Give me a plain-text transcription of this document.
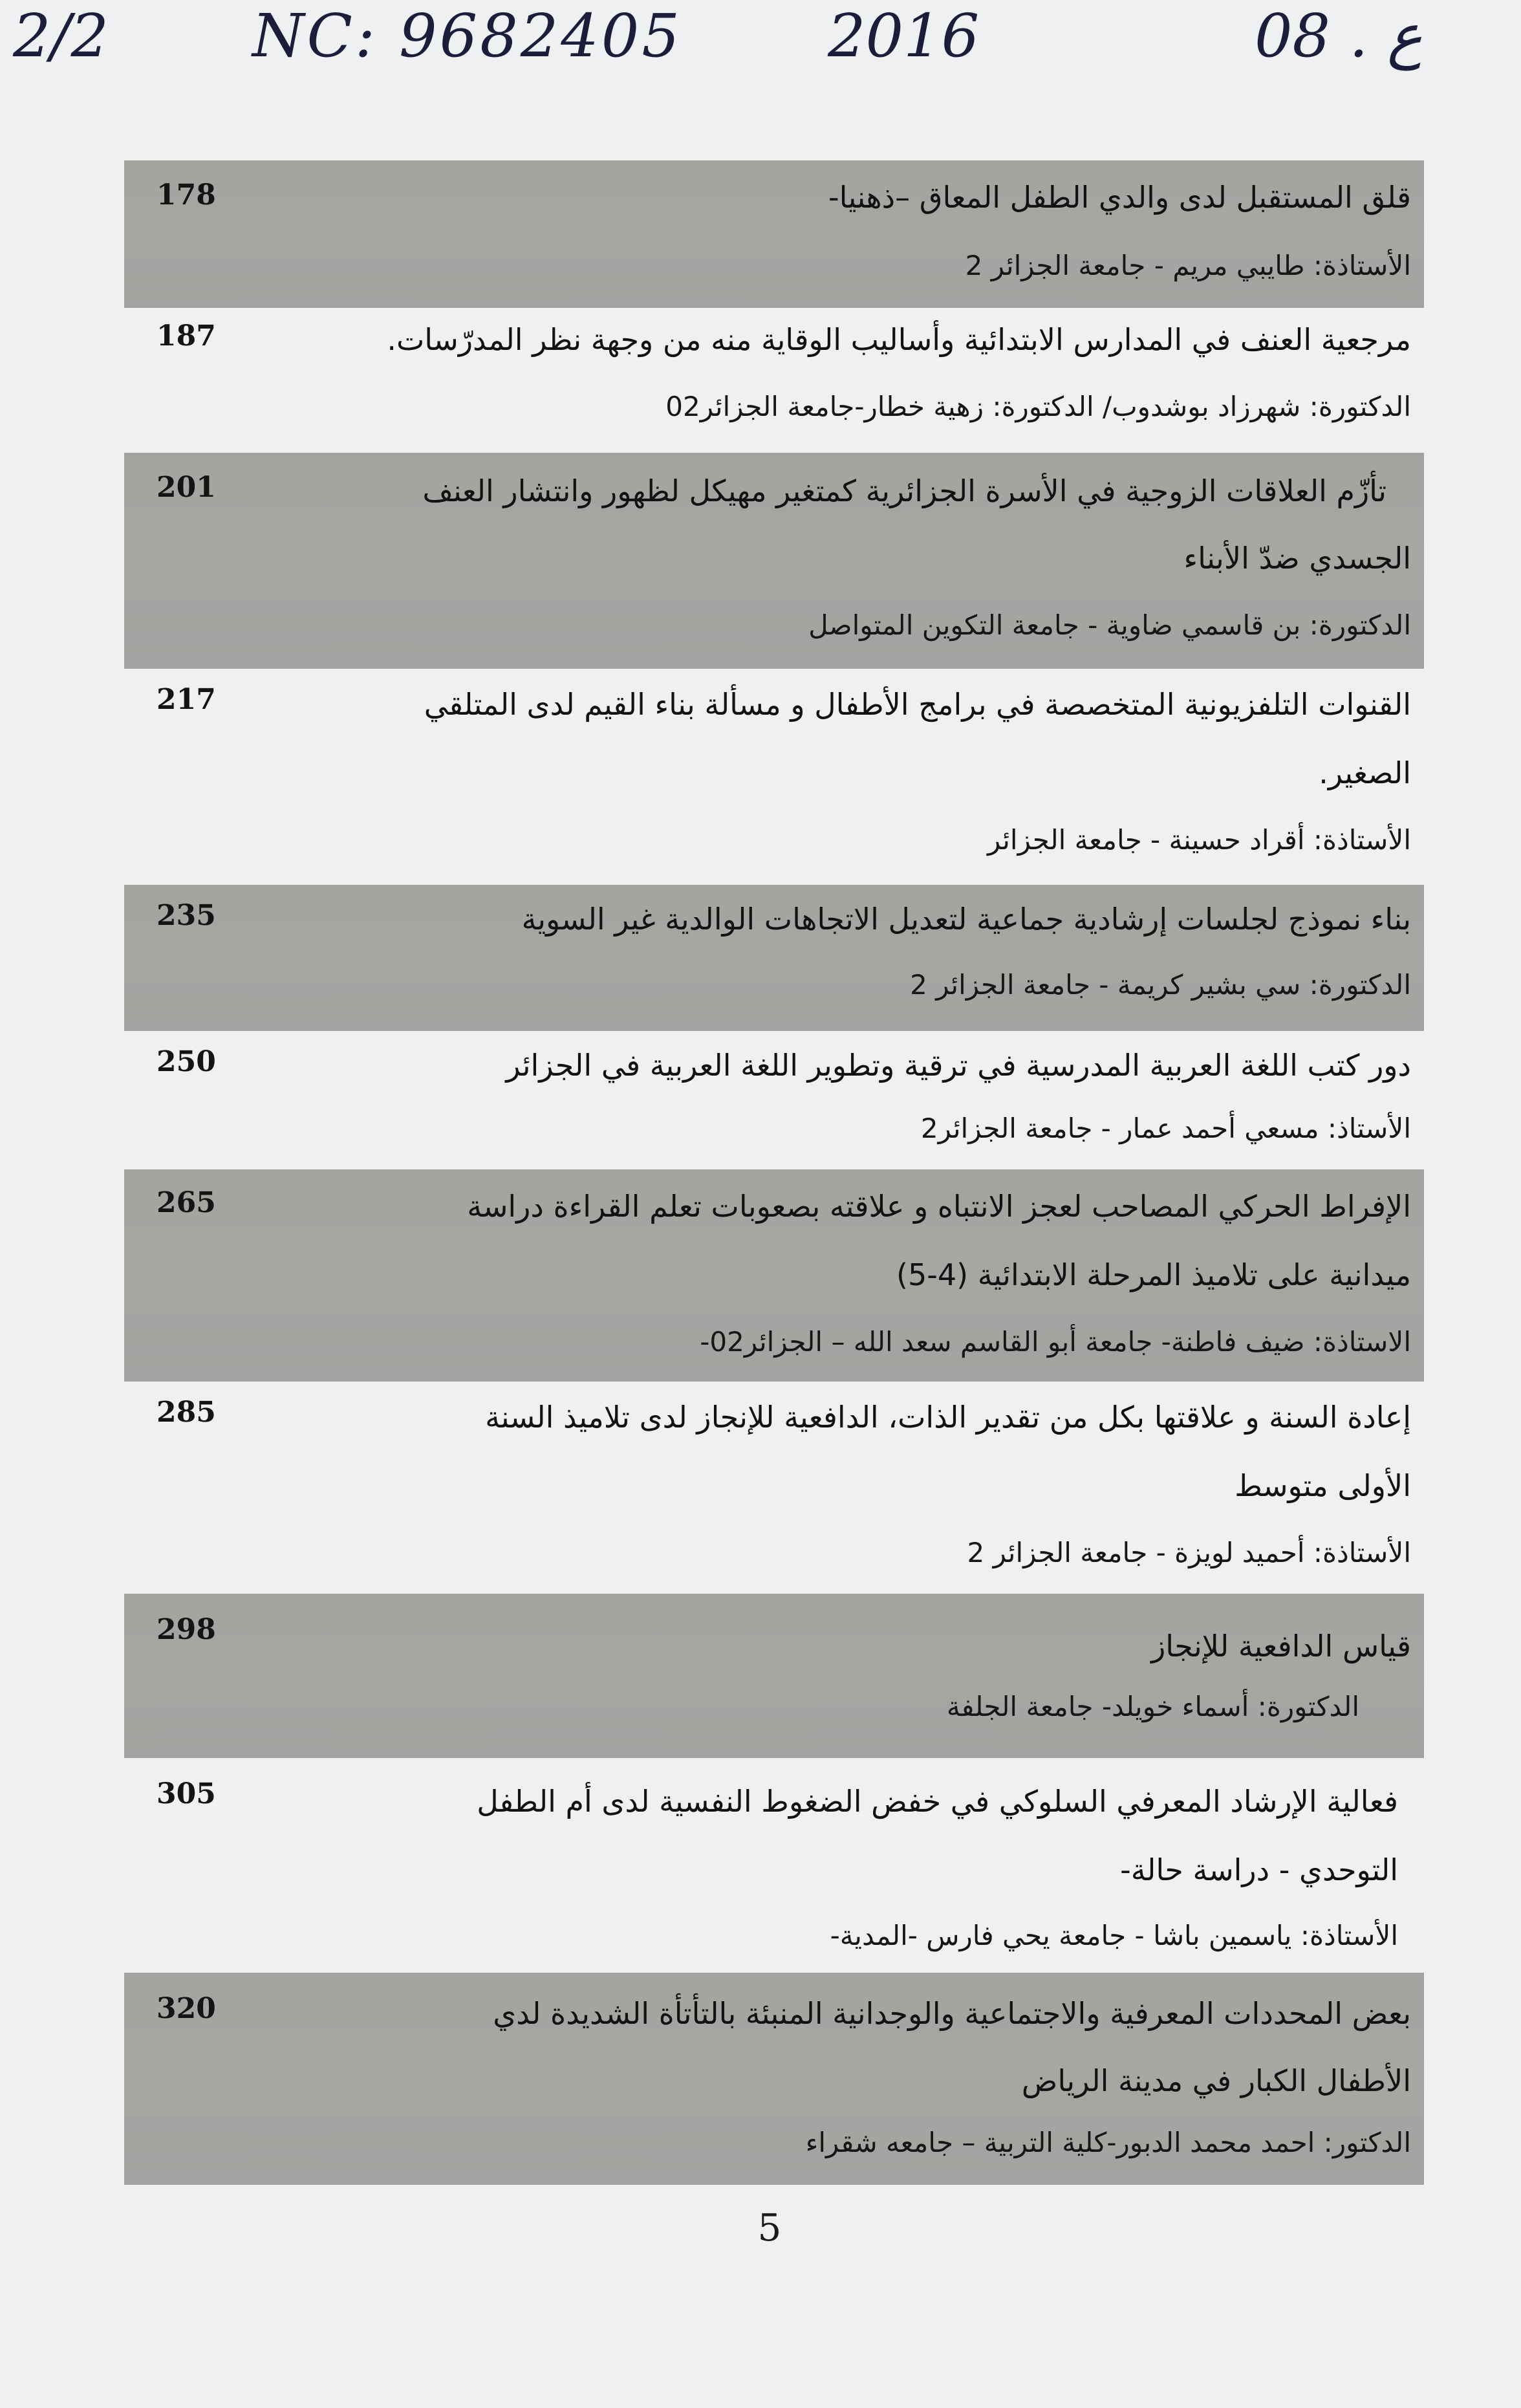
2/2 NC: 9682405 2016	08 . ع
178	قلق المستقبل لدى والدي الطفل المعاق –ذهنيا-
الأستاذة: طايبي مريم - جامعة الجزائر 2
187	مرجعية العنف في المدارس الابتدائية وأساليب الوقاية منه من وجهة نظر المدرّسات.
الدكتورة: شهرزاد بوشدوب/ الدكتورة: زهية خطار-جامعة الجزائر02
201	تأزّم العلاقات الزوجية في الأسرة الجزائرية كمتغير مهيكل لظهور وانتشار العنف
الجسدي ضدّ الأبناء
الدكتورة: بن قاسمي ضاوية - جامعة التكوين المتواصل
217	القنوات التلفزيونية المتخصصة في برامج الأطفال و مسألة بناء القيم لدى المتلقي
الصغير.
الأستاذة: أقراد حسينة - جامعة الجزائر
235	بناء نموذج لجلسات إرشادية جماعية لتعديل الاتجاهات الوالدية غير السوية
الدكتورة: سي بشير كريمة - جامعة الجزائر 2
250	دور كتب اللغة العربية المدرسية في ترقية وتطوير اللغة العربية في الجزائر
الأستاذ: مسعي أحمد عمار - جامعة الجزائر2
265	الإفراط الحركي المصاحب لعجز الانتباه و علاقته بصعوبات تعلم القراءة دراسة
ميدانية على تلاميذ المرحلة الابتدائية (4-5)
الاستاذة: ضيف فاطنة- جامعة أبو القاسم سعد الله – الجزائر02-
285	إعادة السنة و علاقتها بكل من تقدير الذات، الدافعية للإنجاز لدى تلاميذ السنة
الأولى متوسط
الأستاذة: أحميد لويزة - جامعة الجزائر 2
298	قياس الدافعية للإنجاز
الدكتورة: أسماء خويلد- جامعة الجلفة
305	فعالية الإرشاد المعرفي السلوكي في خفض الضغوط النفسية لدى أم الطفل
التوحدي - دراسة حالة-
الأستاذة: ياسمين باشا - جامعة يحي فارس -المدية-
320	بعض المحددات المعرفية والاجتماعية والوجدانية المنبئة بالتأتأة الشديدة لدي
الأطفال الكبار في مدينة الرياض
الدكتور: احمد محمد الدبور-كلية التربية – جامعه شقراء
5
